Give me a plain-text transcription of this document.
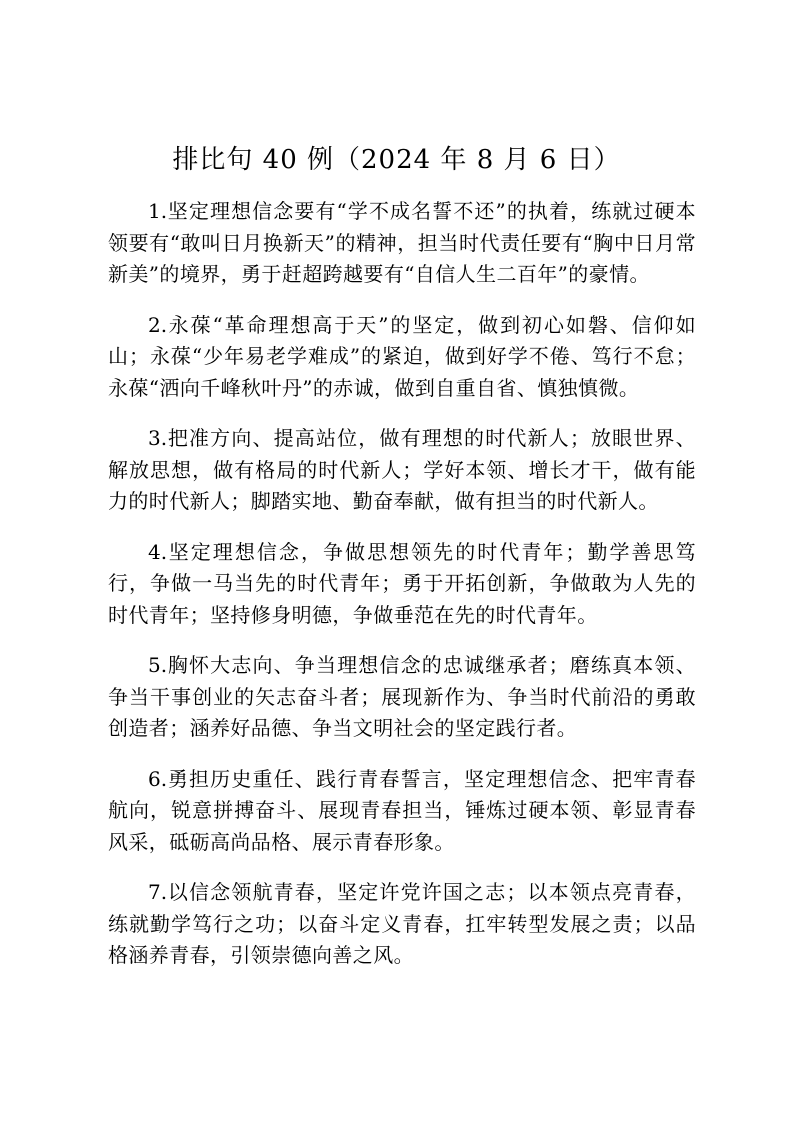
排比句 40 例（2024 年 8 月 6 日）

1.坚定理想信念要有“学不成名誓不还”的执着，练就过硬本领要有“敢叫日月换新天”的精神，担当时代责任要有“胸中日月常新美”的境界，勇于赶超跨越要有“自信人生二百年”的豪情。

2.永葆“革命理想高于天”的坚定，做到初心如磐、信仰如山；永葆“少年易老学难成”的紧迫，做到好学不倦、笃行不怠；永葆“洒向千峰秋叶丹”的赤诚，做到自重自省、慎独慎微。

3.把准方向、提高站位，做有理想的时代新人；放眼世界、解放思想，做有格局的时代新人；学好本领、增长才干，做有能力的时代新人；脚踏实地、勤奋奉献，做有担当的时代新人。

4.坚定理想信念，争做思想领先的时代青年；勤学善思笃行，争做一马当先的时代青年；勇于开拓创新，争做敢为人先的时代青年；坚持修身明德，争做垂范在先的时代青年。

5.胸怀大志向、争当理想信念的忠诚继承者；磨练真本领、争当干事创业的矢志奋斗者；展现新作为、争当时代前沿的勇敢创造者；涵养好品德、争当文明社会的坚定践行者。

6.勇担历史重任、践行青春誓言，坚定理想信念、把牢青春航向，锐意拼搏奋斗、展现青春担当，锤炼过硬本领、彰显青春风采，砥砺高尚品格、展示青春形象。

7.以信念领航青春，坚定许党许国之志；以本领点亮青春，练就勤学笃行之功；以奋斗定义青春，扛牢转型发展之责；以品格涵养青春，引领崇德向善之风。
